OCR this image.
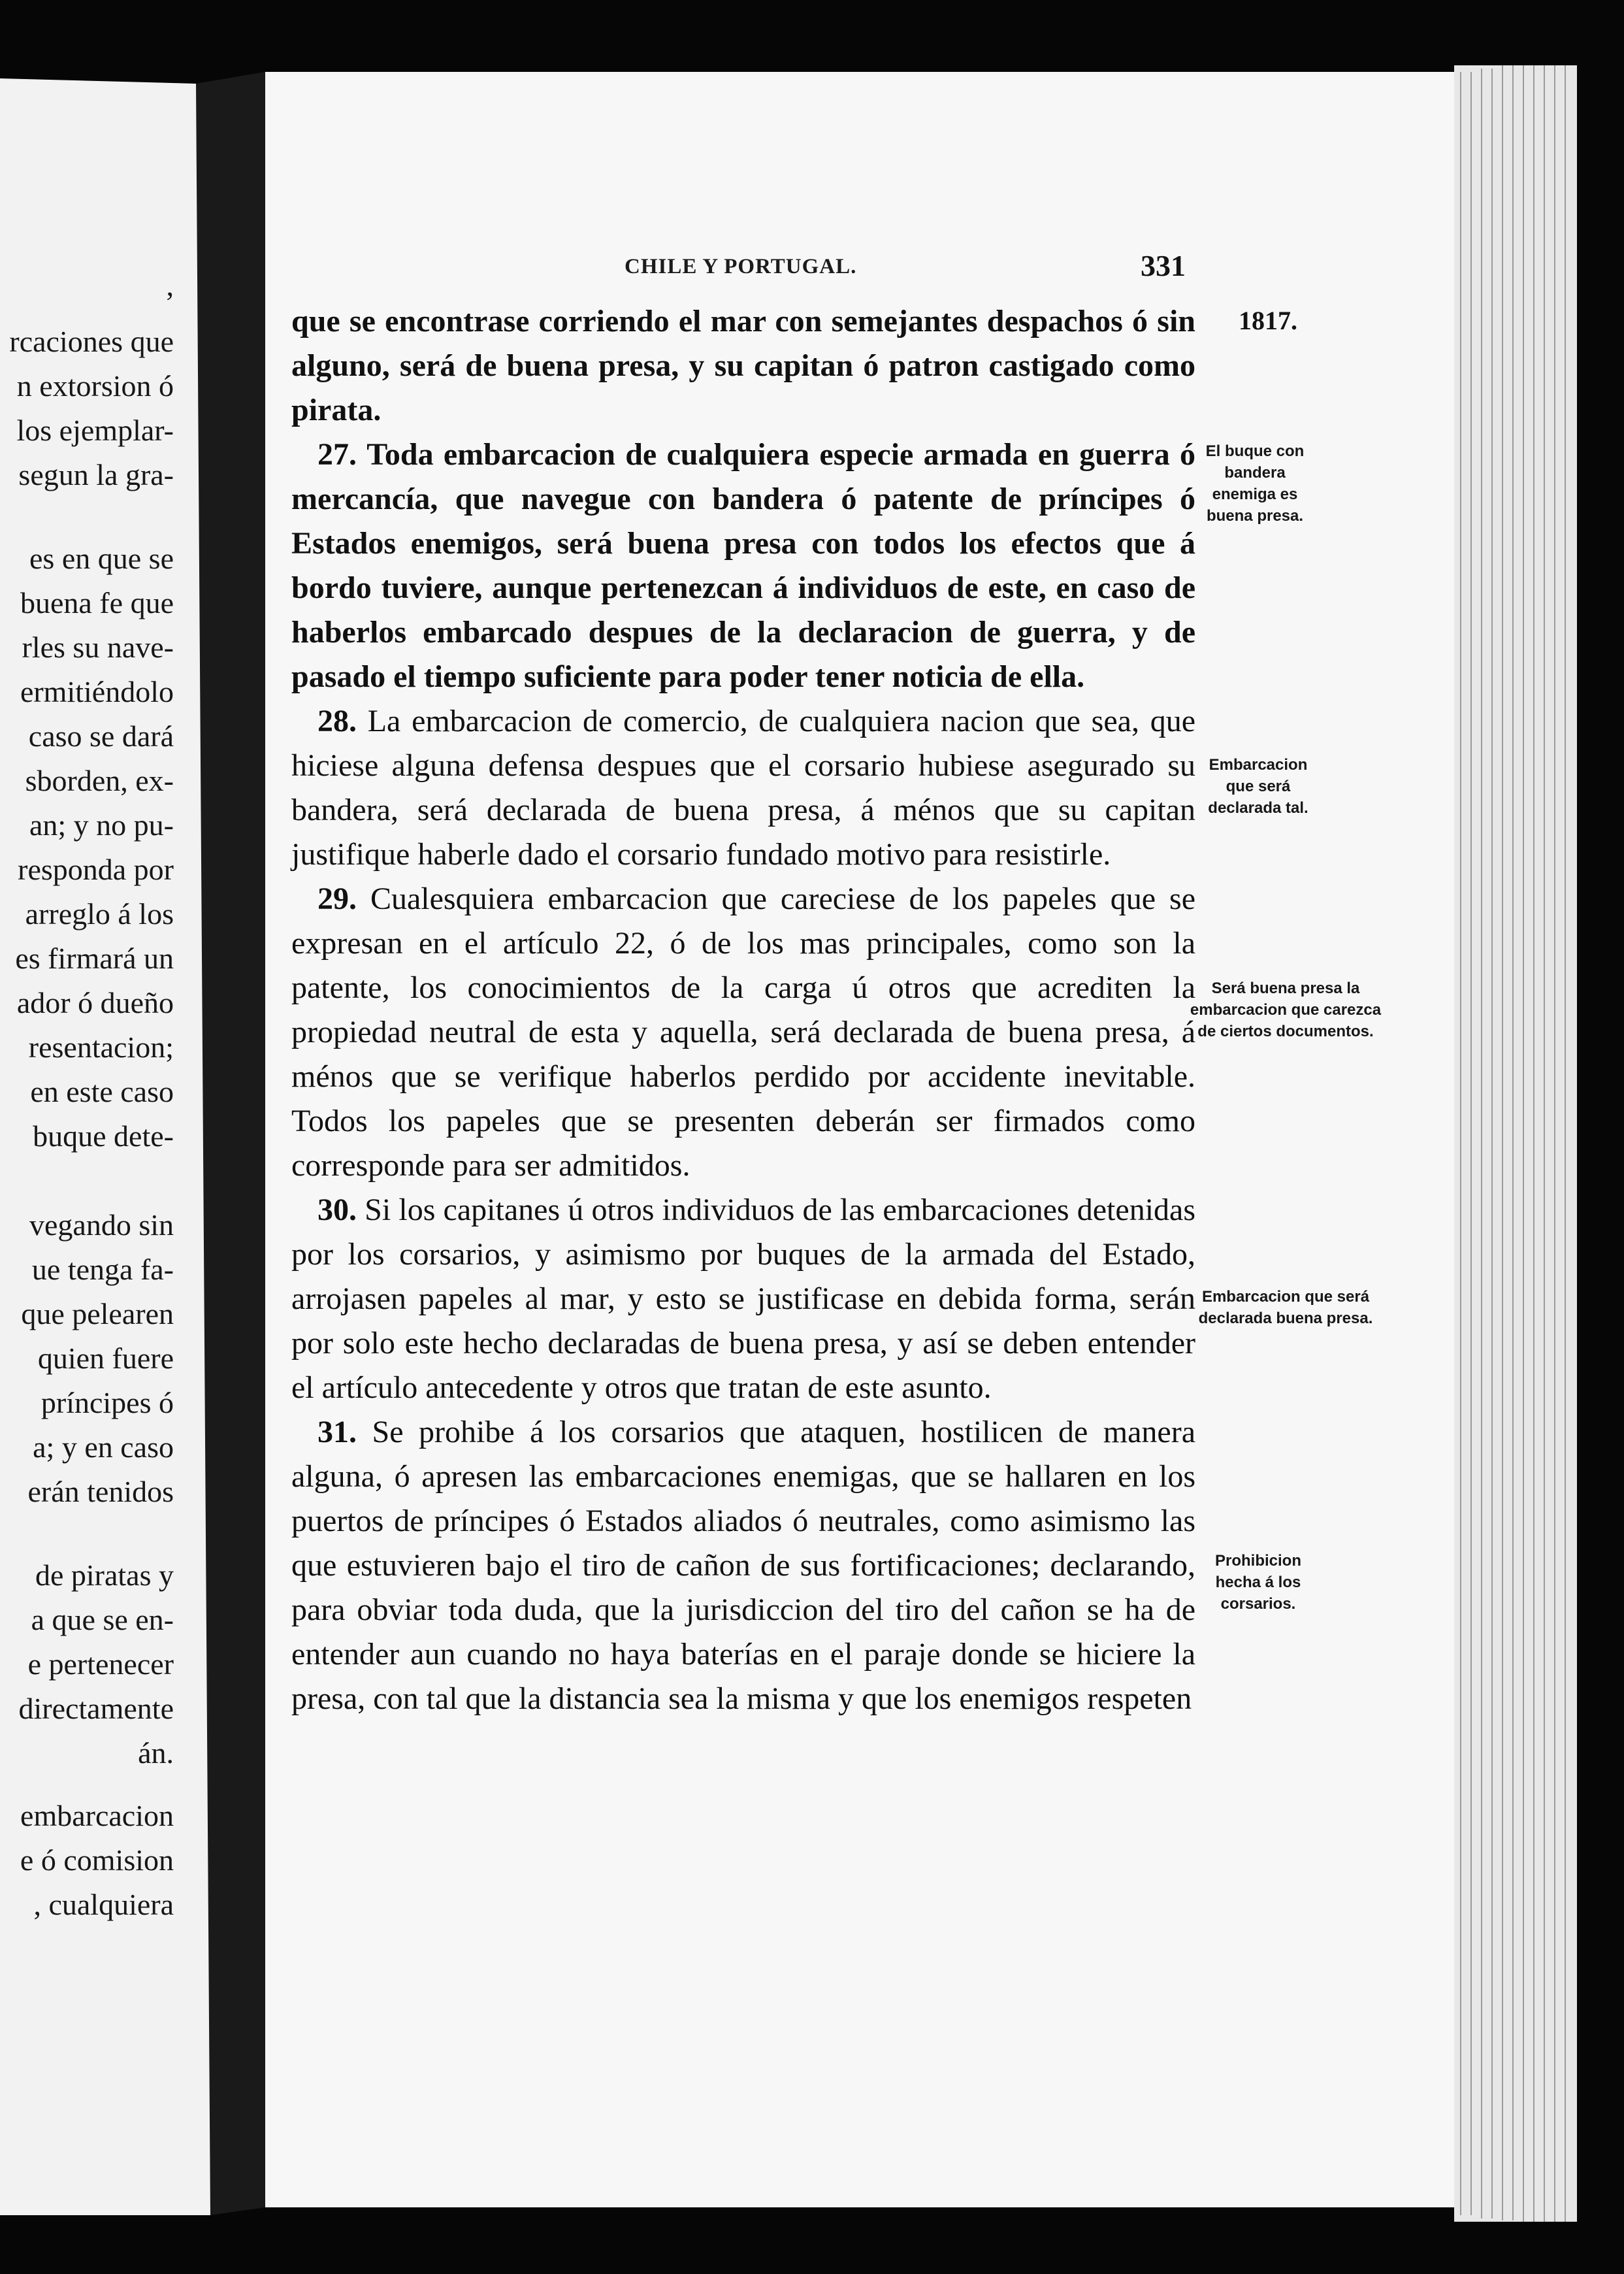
,
rcaciones que
n extorsion ó
los ejemplar-
segun la gra-
es en que se
buena fe que
rles su nave-
ermitiéndolo
caso se dará
sborden, ex-
an; y no pu-
responda por
arreglo á los
es firmará un
ador ó dueño
resentacion;
en este caso
buque dete-
vegando sin
ue tenga fa-
que pelearen
quien fuere
príncipes ó
a; y en caso
erán tenidos
de piratas y
a que se en-
e pertenecer
directamente
án.
embarcacion
e ó comision
, cualquiera
CHILE Y PORTUGAL.	331
1817.

que se encontrase corriendo el mar con semejantes despachos ó sin alguno, será de buena presa, y su capitan ó patron castigado como pirata.

27. Toda embarcacion de cualquiera especie armada en guerra ó mercancía, que navegue con bandera ó patente de príncipes ó Estados enemigos, será buena presa con todos los efectos que á bordo tuviere, aunque pertenezcan á individuos de este, en caso de haberlos embarcado despues de la declaracion de guerra, y de pasado el tiempo suficiente para poder tener noticia de ella.

28. La embarcacion de comercio, de cualquiera nacion que sea, que hiciese alguna defensa despues que el corsario hubiese asegurado su bandera, será declarada de buena presa, á ménos que su capitan justifique haberle dado el corsario fundado motivo para resistirle.

29. Cualesquiera embarcacion que careciese de los papeles que se expresan en el artículo 22, ó de los mas principales, como son la patente, los conocimientos de la carga ú otros que acrediten la propiedad neutral de esta y aquella, será declarada de buena presa, á ménos que se verifique haberlos perdido por accidente inevitable. Todos los papeles que se presenten deberán ser firmados como corresponde para ser admitidos.

30. Si los capitanes ú otros individuos de las embarcaciones detenidas por los corsarios, y asimismo por buques de la armada del Estado, arrojasen papeles al mar, y esto se justificase en debida forma, serán por solo este hecho declaradas de buena presa, y así se deben entender el artículo antecedente y otros que tratan de este asunto.

31. Se prohibe á los corsarios que ataquen, hostilicen de manera alguna, ó apresen las embarcaciones enemigas, que se hallaren en los puertos de príncipes ó Estados aliados ó neutrales, como asimismo las que estuvieren bajo el tiro de cañon de sus fortificaciones; declarando, para obviar toda duda, que la jurisdiccion del tiro del cañon se ha de entender aun cuando no haya baterías en el paraje donde se hiciere la presa, con tal que la distancia sea la misma y que los enemigos respeten

El buque con bandera enemiga es buena presa.

Embarcacion que será declarada tal.

Será buena presa la embarcacion que carezca de ciertos documentos.

Embarcacion que será declarada buena presa.

Prohibicion hecha á los corsarios.
